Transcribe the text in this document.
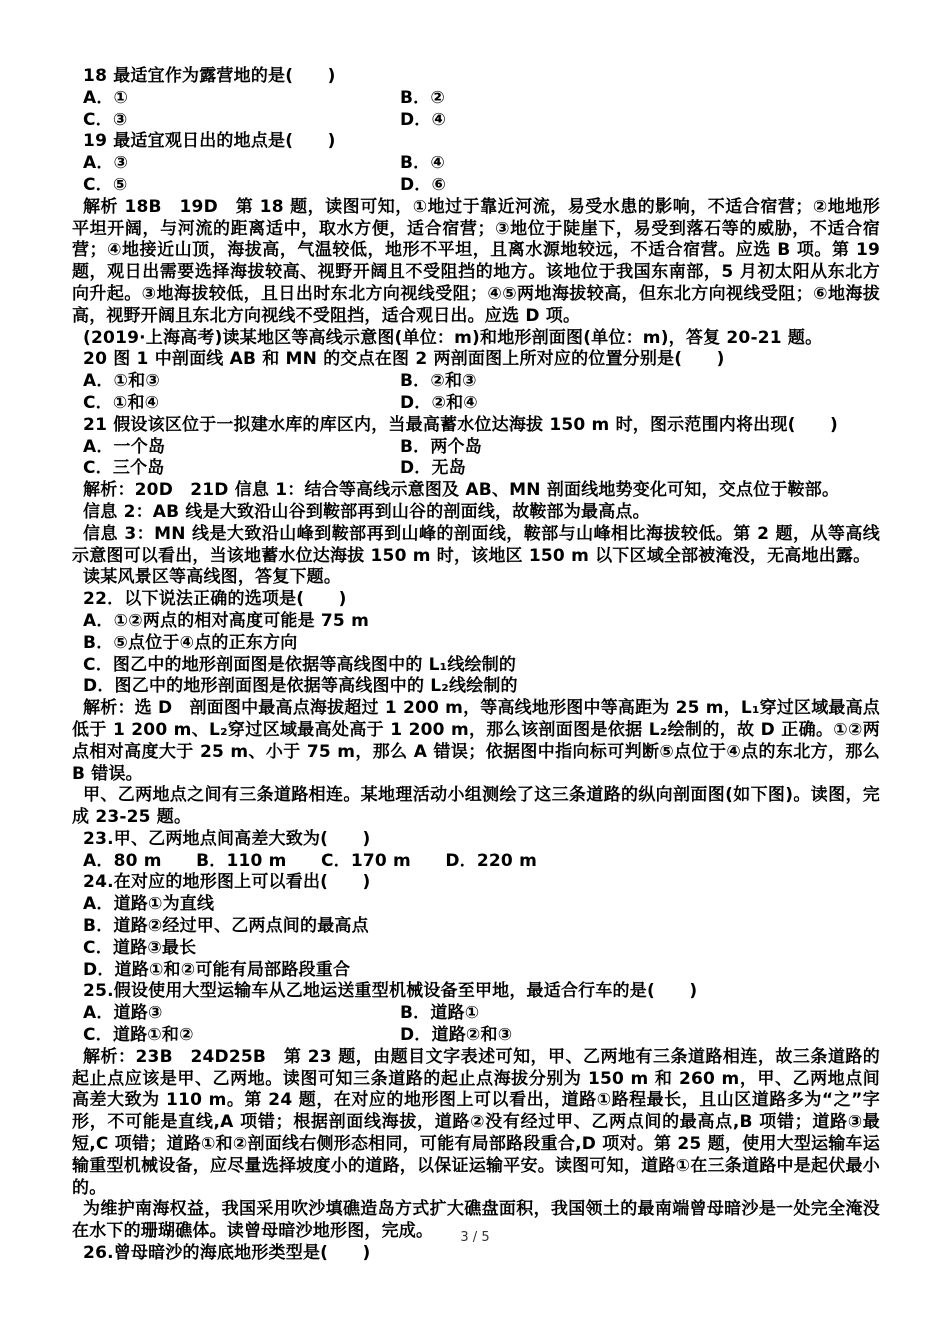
18 最适宜作为露营地的是(　　)
A．①	B．②
C．③	D．④
19 最适宜观日出的地点是(　　)
A．③	B．④
C．⑤	D．⑥
解析 18B　19D　第 18 题，读图可知，①地过于靠近河流，易受水患的影响，不适合宿营；②地地形平坦开阔，与河流的距离适中，取水方便，适合宿营；③地位于陡崖下，易受到落石等的威胁，不适合宿营；④地接近山顶，海拔高，气温较低，地形不平坦，且离水源地较远，不适合宿营。应选 B 项。第 19 题，观日出需要选择海拔较高、视野开阔且不受阻挡的地方。该地位于我国东南部，5 月初太阳从东北方向升起。③地海拔较低，且日出时东北方向视线受阻；④⑤两地海拔较高，但东北方向视线受阻；⑥地海拔高，视野开阔且东北方向视线不受阻挡，适合观日出。应选 D 项。
(2019·上海高考)读某地区等高线示意图(单位：m)和地形剖面图(单位：m)，答复 20-21 题。
20 图 1 中剖面线 AB 和 MN 的交点在图 2 两剖面图上所对应的位置分别是(　　)
A．①和③	B．②和③
C．①和④	D．②和④
21 假设该区位于一拟建水库的库区内，当最高蓄水位达海拔 150 m 时，图示范围内将出现(　　)
A．一个岛	B．两个岛
C．三个岛	D．无岛
解析：20D　21D 信息 1：结合等高线示意图及 AB、MN 剖面线地势变化可知，交点位于鞍部。
信息 2：AB 线是大致沿山谷到鞍部再到山谷的剖面线，故鞍部为最高点。
信息 3：MN 线是大致沿山峰到鞍部再到山峰的剖面线，鞍部与山峰相比海拔较低。第 2 题，从等高线示意图可以看出，当该地蓄水位达海拔 150 m 时，该地区 150 m 以下区域全部被淹没，无高地出露。
读某风景区等高线图，答复下题。
22．以下说法正确的选项是(　　)
A．①②两点的相对高度可能是 75 m
B．⑤点位于④点的正东方向
C．图乙中的地形剖面图是依据等高线图中的 L₁线绘制的
D．图乙中的地形剖面图是依据等高线图中的 L₂线绘制的
解析：选 D　剖面图中最高点海拔超过 1 200 m，等高线地形图中等高距为 25 m，L₁穿过区域最高点低于 1 200 m、L₂穿过区域最高处高于 1 200 m，那么该剖面图是依据 L₂绘制的，故 D 正确。①②两点相对高度大于 25 m、小于 75 m，那么 A 错误；依据图中指向标可判断⑤点位于④点的东北方，那么 B 错误。
甲、乙两地点之间有三条道路相连。某地理活动小组测绘了这三条道路的纵向剖面图(如下图)。读图，完成 23-25 题。
23.甲、乙两地点间高差大致为(　　)
A．80 m　　B．110 m　　C．170 m　　D．220 m
24.在对应的地形图上可以看出(　　)
A．道路①为直线
B．道路②经过甲、乙两点间的最高点
C．道路③最长
D．道路①和②可能有局部路段重合
25.假设使用大型运输车从乙地运送重型机械设备至甲地，最适合行车的是(　　)
A．道路③	B．道路①
C．道路①和②	D．道路②和③
解析：23B　24D25B　第 23 题，由题目文字表述可知，甲、乙两地有三条道路相连，故三条道路的起止点应该是甲、乙两地。读图可知三条道路的起止点海拔分别为 150 m 和 260 m，甲、乙两地点间高差大致为 110 m。第 24 题，在对应的地形图上可以看出，道路①路程最长，且山区道路多为“之”字形，不可能是直线,A 项错；根据剖面线海拔，道路②没有经过甲、乙两点间的最高点,B 项错；道路③最短,C 项错；道路①和②剖面线右侧形态相同，可能有局部路段重合,D 项对。第 25 题，使用大型运输车运输重型机械设备，应尽量选择坡度小的道路，以保证运输平安。读图可知，道路①在三条道路中是起伏最小的。
为维护南海权益，我国采用吹沙填礁造岛方式扩大礁盘面积，我国领土的最南端曾母暗沙是一处完全淹没在水下的珊瑚礁体。读曾母暗沙地形图，完成。
26.曾母暗沙的海底地形类型是(　　)
3 / 5
